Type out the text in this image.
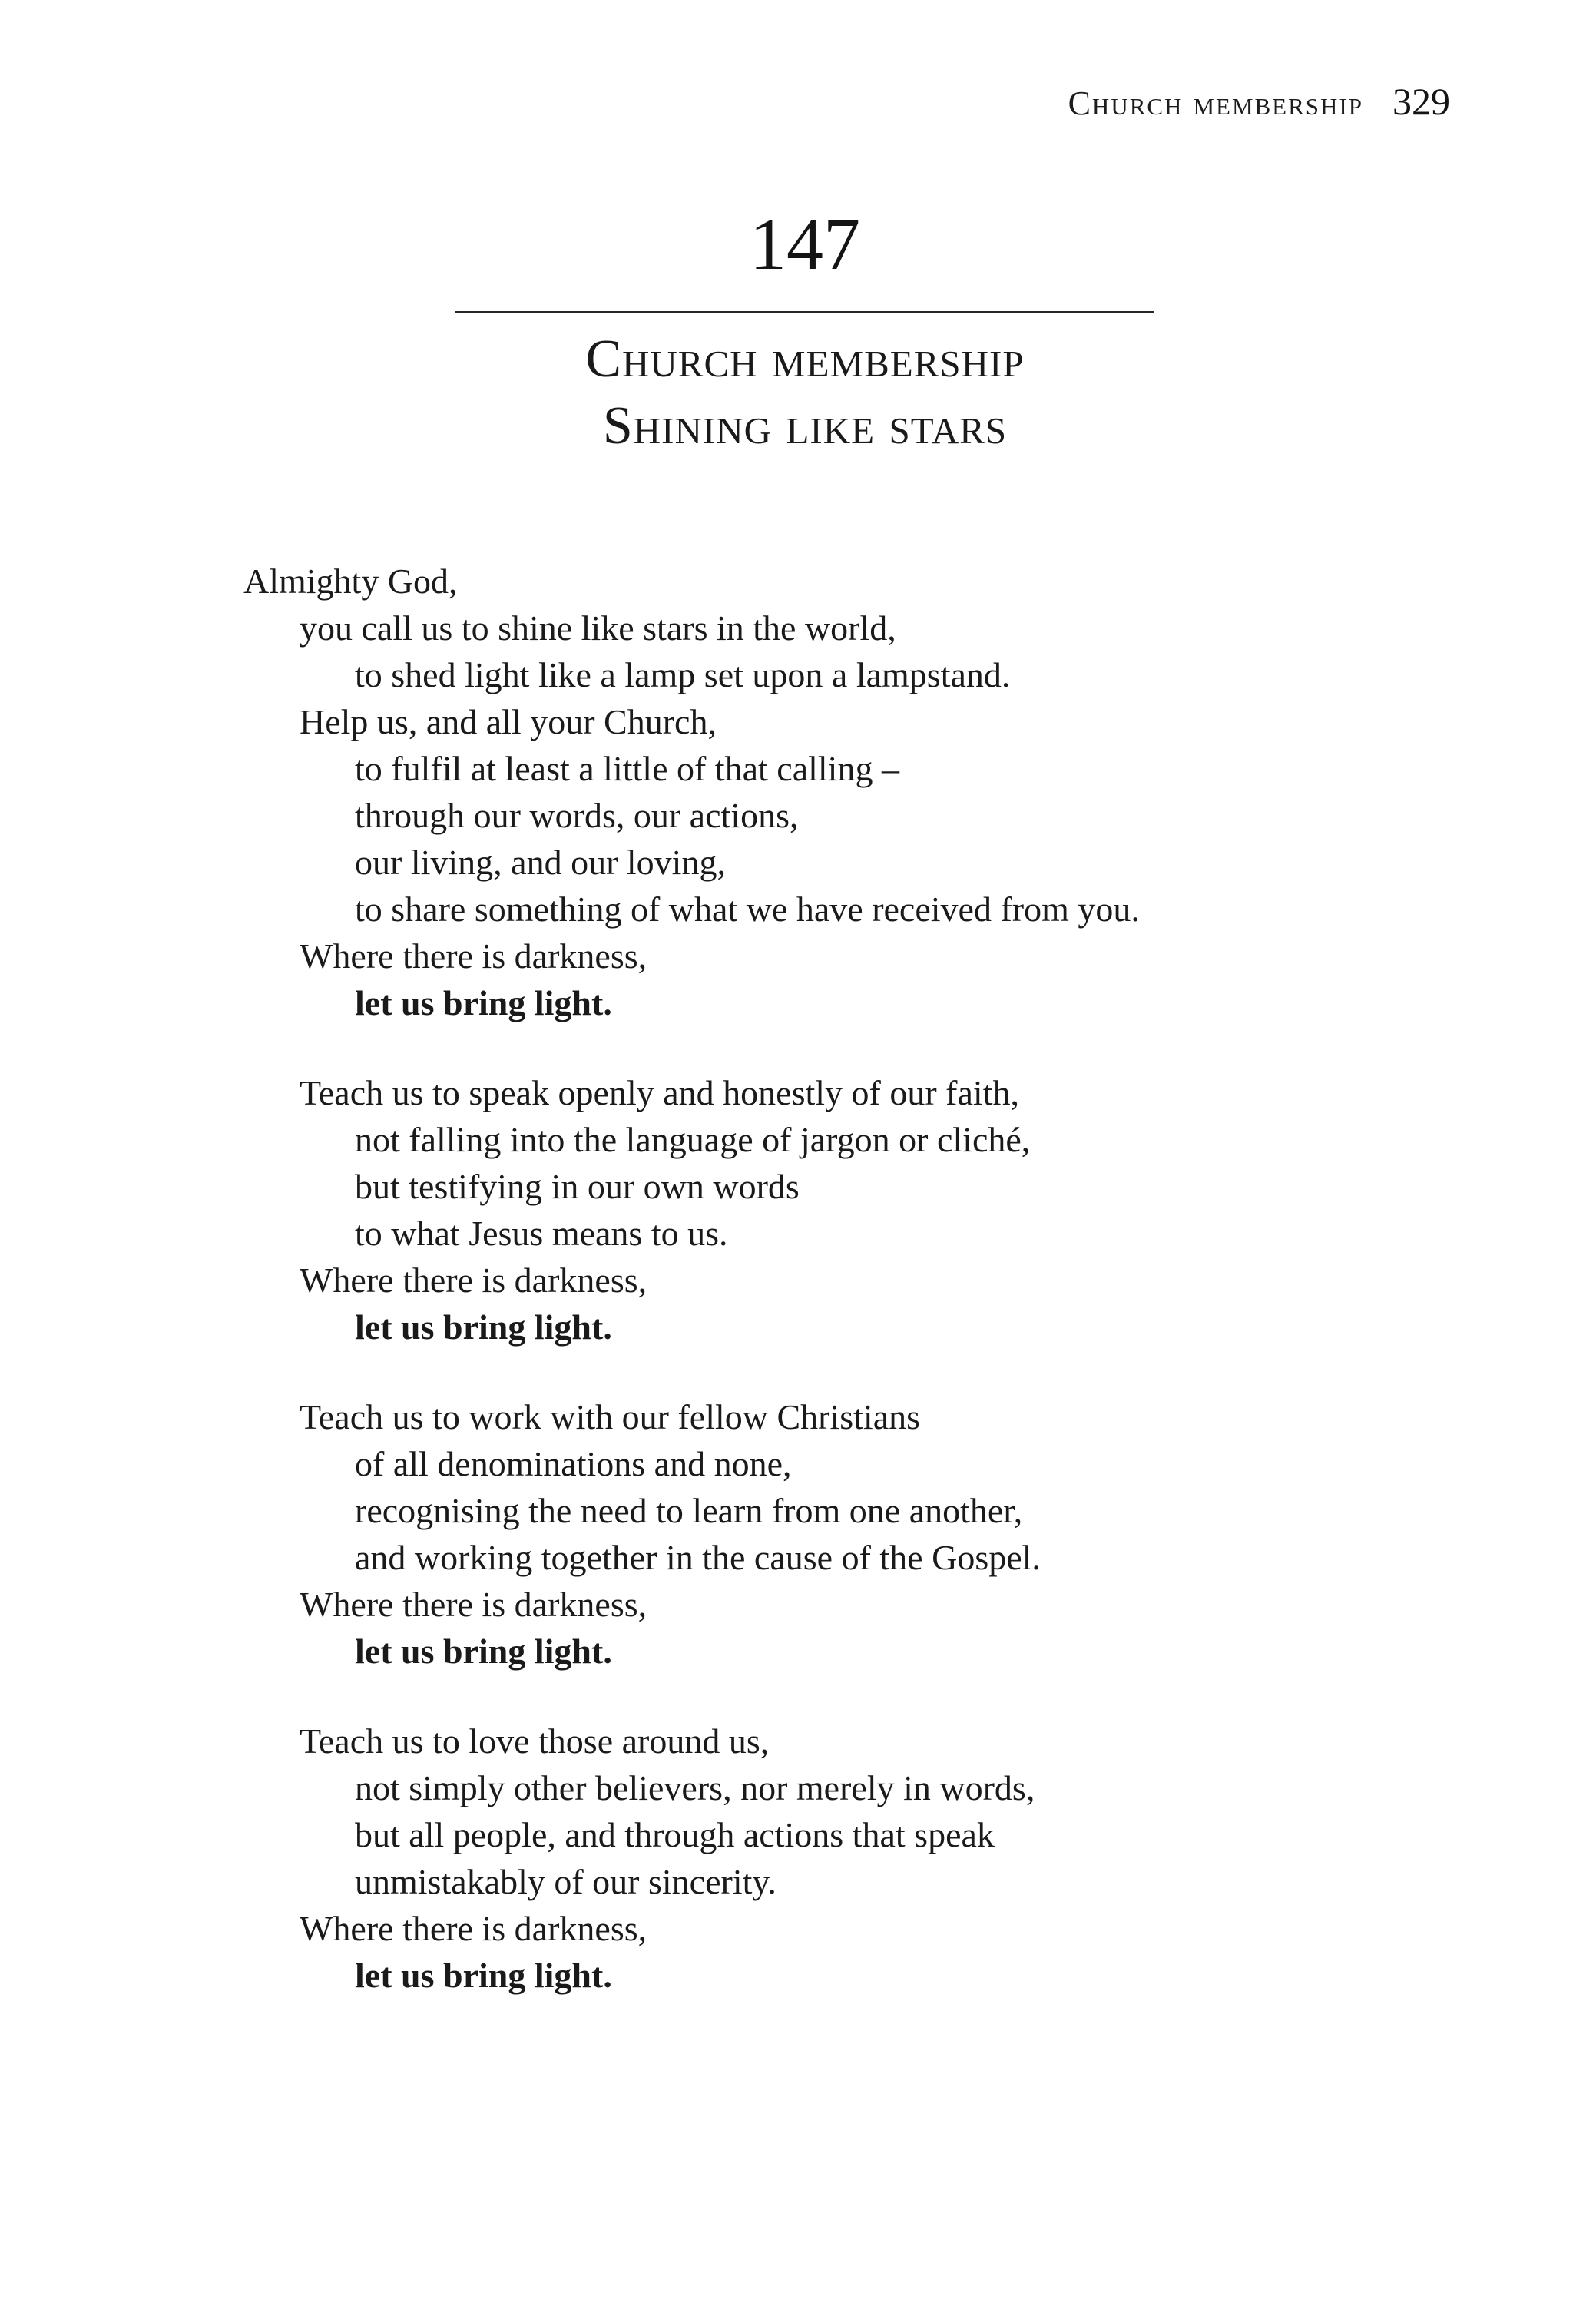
Church membership 329
147
Church membership
Shining like stars
Almighty God,
you call us to shine like stars in the world,
to shed light like a lamp set upon a lampstand.
Help us, and all your Church,
to fulfil at least a little of that calling –
through our words, our actions,
our living, and our loving,
to share something of what we have received from you.
Where there is darkness,
let us bring light.
Teach us to speak openly and honestly of our faith,
not falling into the language of jargon or cliché,
but testifying in our own words
to what Jesus means to us.
Where there is darkness,
let us bring light.
Teach us to work with our fellow Christians
of all denominations and none,
recognising the need to learn from one another,
and working together in the cause of the Gospel.
Where there is darkness,
let us bring light.
Teach us to love those around us,
not simply other believers, nor merely in words,
but all people, and through actions that speak
unmistakably of our sincerity.
Where there is darkness,
let us bring light.
